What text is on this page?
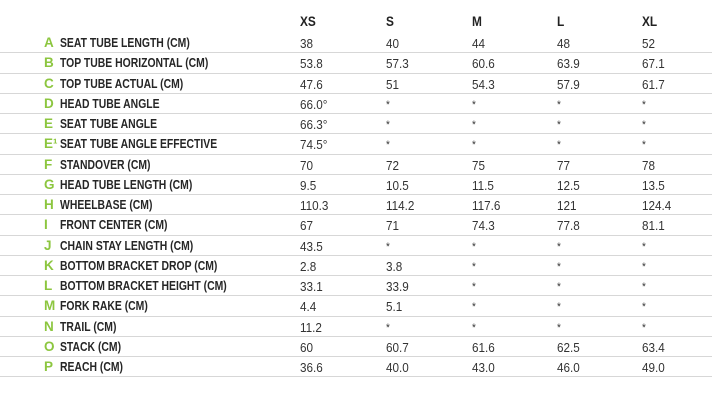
XS	S	M	L	XL
A SEAT TUBE LENGTH (CM)	38	40	44	48	52
B TOP TUBE HORIZONTAL (CM)	53.8	57.3	60.6	63.9	67.1
C TOP TUBE ACTUAL (CM)	47.6	51	54.3	57.9	61.7
D HEAD TUBE ANGLE	66.0°	*	*	*	*
E SEAT TUBE ANGLE	66.3°	*	*	*	*
E¹ SEAT TUBE ANGLE EFFECTIVE	74.5°	*	*	*	*
F STANDOVER (CM)	70	72	75	77	78
G HEAD TUBE LENGTH (CM)	9.5	10.5	11.5	12.5	13.5
H WHEELBASE (CM)	110.3	114.2	117.6	121	124.4
I FRONT CENTER (CM)	67	71	74.3	77.8	81.1
J CHAIN STAY LENGTH (CM)	43.5	*	*	*	*
K BOTTOM BRACKET DROP (CM)	2.8	3.8	*	*	*
L BOTTOM BRACKET HEIGHT (CM)	33.1	33.9	*	*	*
M FORK RAKE (CM)	4.4	5.1	*	*	*
N TRAIL (CM)	11.2	*	*	*	*
O STACK (CM)	60	60.7	61.6	62.5	63.4
P REACH (CM)	36.6	40.0	43.0	46.0	49.0
